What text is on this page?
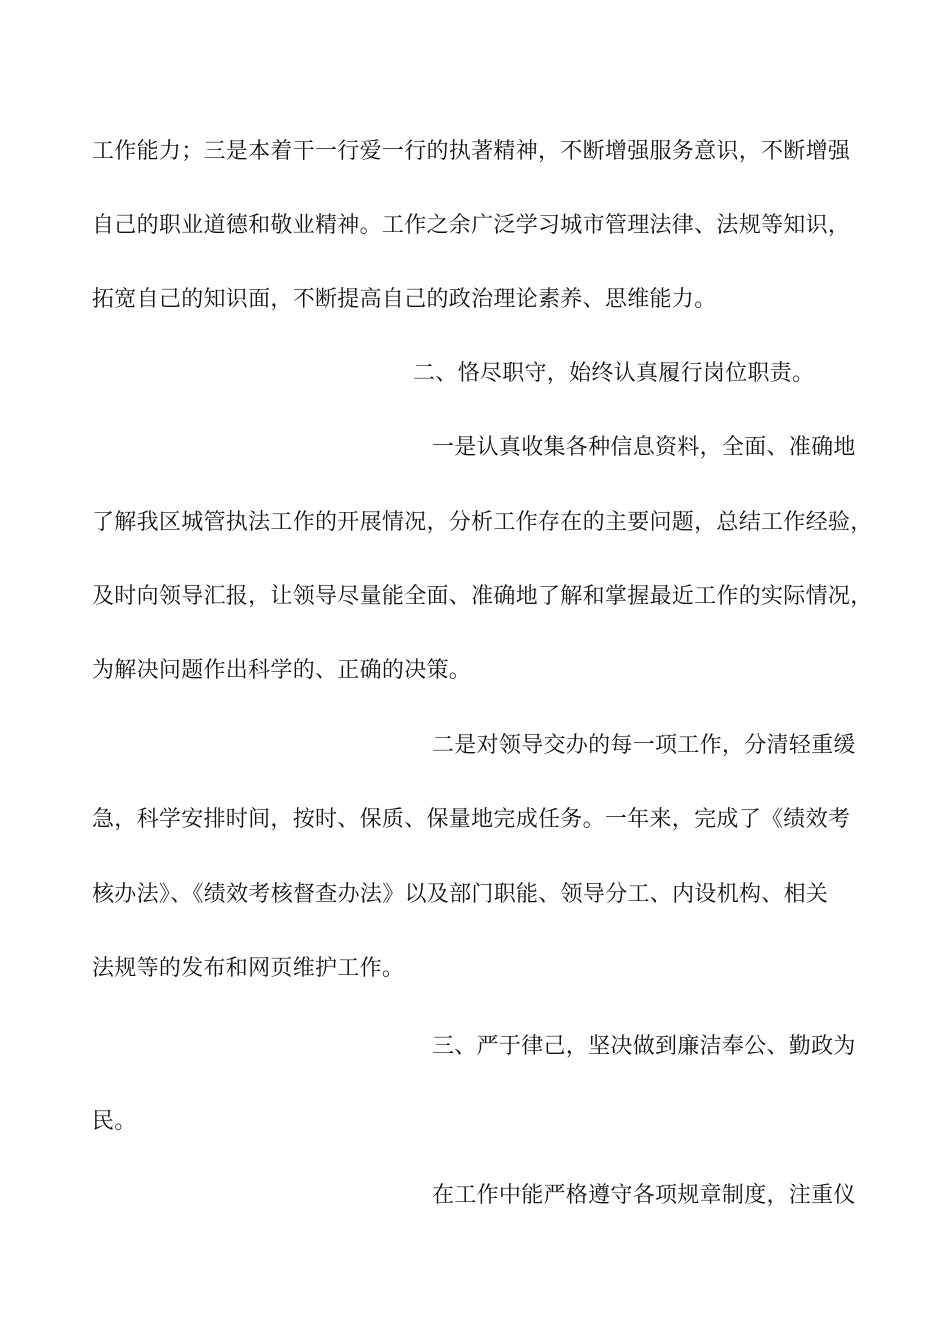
工作能力；三是本着干一行爱一行的执著精神，不断增强服务意识，不断增强
自己的职业道德和敬业精神。工作之余广泛学习城市管理法律、法规等知识，
拓宽自己的知识面，不断提高自己的政治理论素养、思维能力。
二、恪尽职守，始终认真履行岗位职责。
一是认真收集各种信息资料，全面、准确地
了解我区城管执法工作的开展情况，分析工作存在的主要问题，总结工作经验，
及时向领导汇报，让领导尽量能全面、准确地了解和掌握最近工作的实际情况，
为解决问题作出科学的、正确的决策。
二是对领导交办的每一项工作，分清轻重缓
急，科学安排时间，按时、保质、保量地完成任务。一年来，完成了《绩效考
核办法》、《绩效考核督查办法》以及部门职能、领导分工、内设机构、相关
法规等的发布和网页维护工作。
三、严于律己，坚决做到廉洁奉公、勤政为
民。
在工作中能严格遵守各项规章制度，注重仪
